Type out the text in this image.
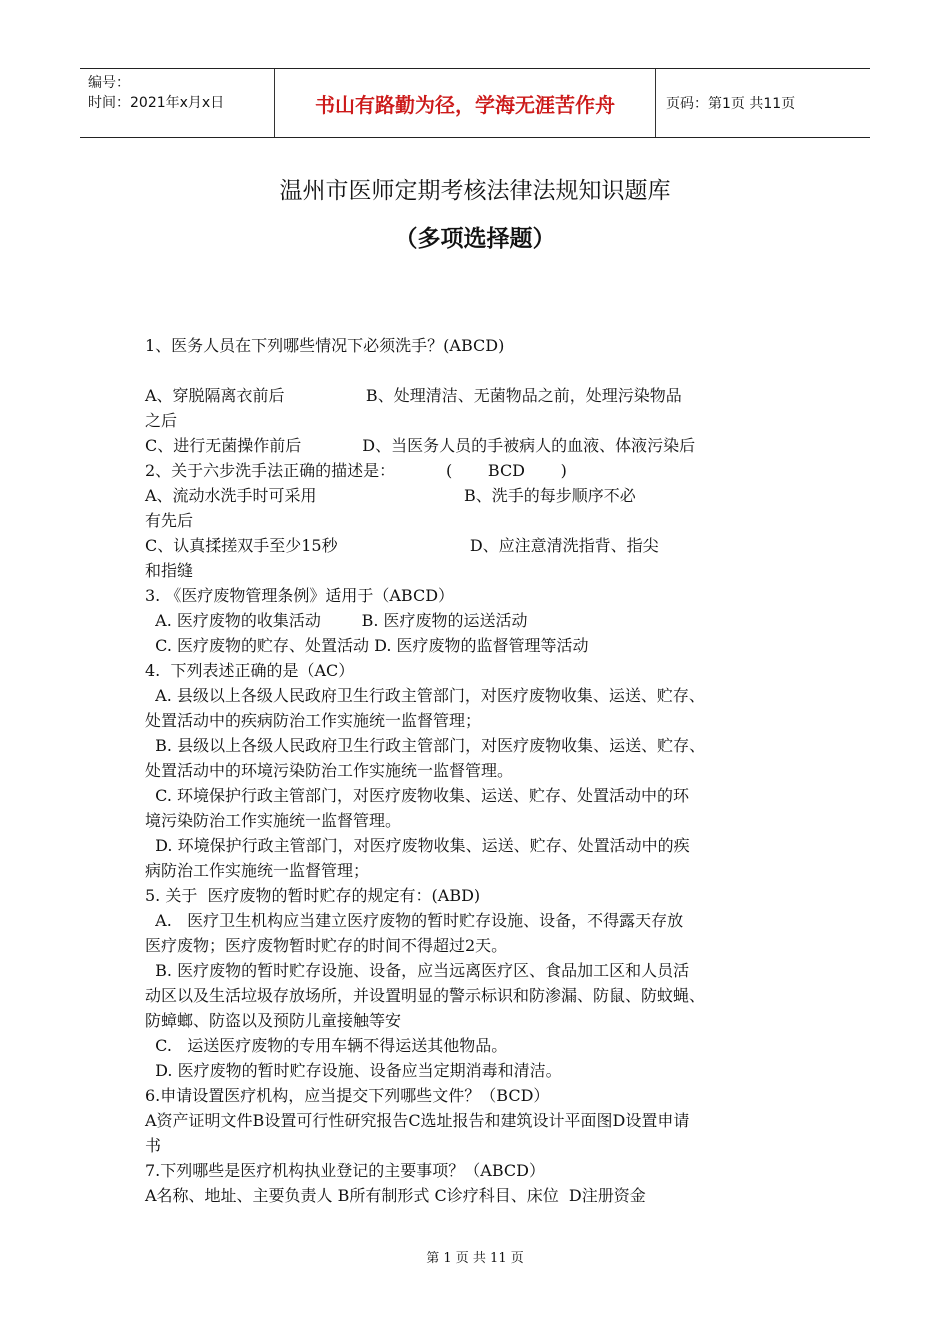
编号：
时间：2021年x月x日	书山有路勤为径，学海无涯苦作舟	页码：第1页 共11页
温州市医师定期考核法律法规知识题库
（多项选择题）

1、医务人员在下列哪些情况下必须洗手？(ABCD)

A、穿脱隔离衣前后                B、处理清洁、无菌物品之前，处理污染物品

之后

C、进行无菌操作前后            D、当医务人员的手被病人的血液、体液污染后

2、关于六步洗手法正确的描述是：          (       BCD       )

A、流动水洗手时可采用                             B、洗手的每步顺序不必

有先后

C、认真揉搓双手至少15秒                          D、应注意清洗指背、指尖

和指缝

3. 《医疗废物管理条例》适用于（ABCD）

A. 医疗废物的收集活动        B. 医疗废物的运送活动

C. 医疗废物的贮存、处置活动 D. 医疗废物的监督管理等活动

4.  下列表述正确的是（AC）

A. 县级以上各级人民政府卫生行政主管部门，对医疗废物收集、运送、贮存、

处置活动中的疾病防治工作实施统一监督管理；

B. 县级以上各级人民政府卫生行政主管部门，对医疗废物收集、运送、贮存、

处置活动中的环境污染防治工作实施统一监督管理。

C. 环境保护行政主管部门，对医疗废物收集、运送、贮存、处置活动中的环

境污染防治工作实施统一监督管理。

D. 环境保护行政主管部门，对医疗废物收集、运送、贮存、处置活动中的疾

病防治工作实施统一监督管理；

5. 关于  医疗废物的暂时贮存的规定有：(ABD)

A.   医疗卫生机构应当建立医疗废物的暂时贮存设施、设备，不得露天存放

医疗废物；医疗废物暂时贮存的时间不得超过2天。

B. 医疗废物的暂时贮存设施、设备，应当远离医疗区、食品加工区和人员活

动区以及生活垃圾存放场所，并设置明显的警示标识和防渗漏、防鼠、防蚊蝇、

防蟑螂、防盗以及预防儿童接触等安

C.   运送医疗废物的专用车辆不得运送其他物品。

D. 医疗废物的暂时贮存设施、设备应当定期消毒和清洁。

6.申请设置医疗机构，应当提交下列哪些文件？（BCD）

A资产证明文件B设置可行性研究报告C选址报告和建筑设计平面图D设置申请

书

7.下列哪些是医疗机构执业登记的主要事项？（ABCD）

A名称、地址、主要负责人 B所有制形式 C诊疗科目、床位  D注册资金

第 1 页 共 11 页
